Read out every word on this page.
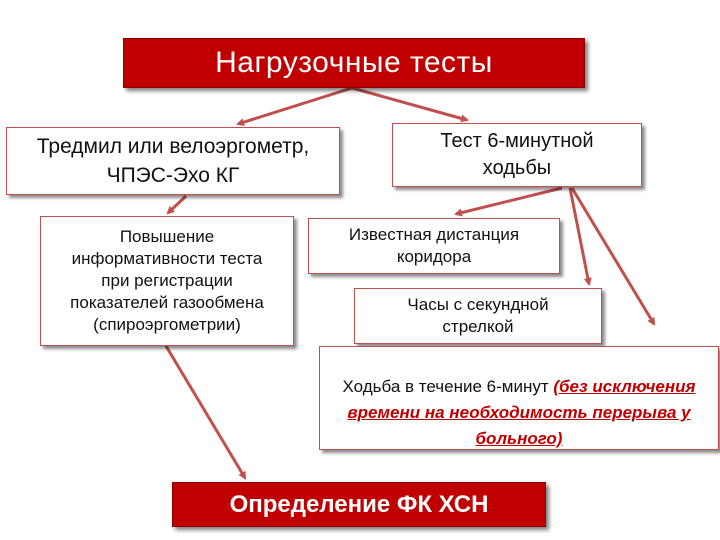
Нагрузочные тесты
Тредмил или велоэргометр,
ЧПЭС-Эхо КГ
Тест 6-минутной
ходьбы
Повышение
информативности теста
при регистрации
показателей газообмена
(спироэргометрии)
Известная дистанция
коридора
Часы с секундной
стрелкой

Ходьба в течение 6-минут (без исключения времени на необходимость перерыва у больного)

Определение ФК ХСН
